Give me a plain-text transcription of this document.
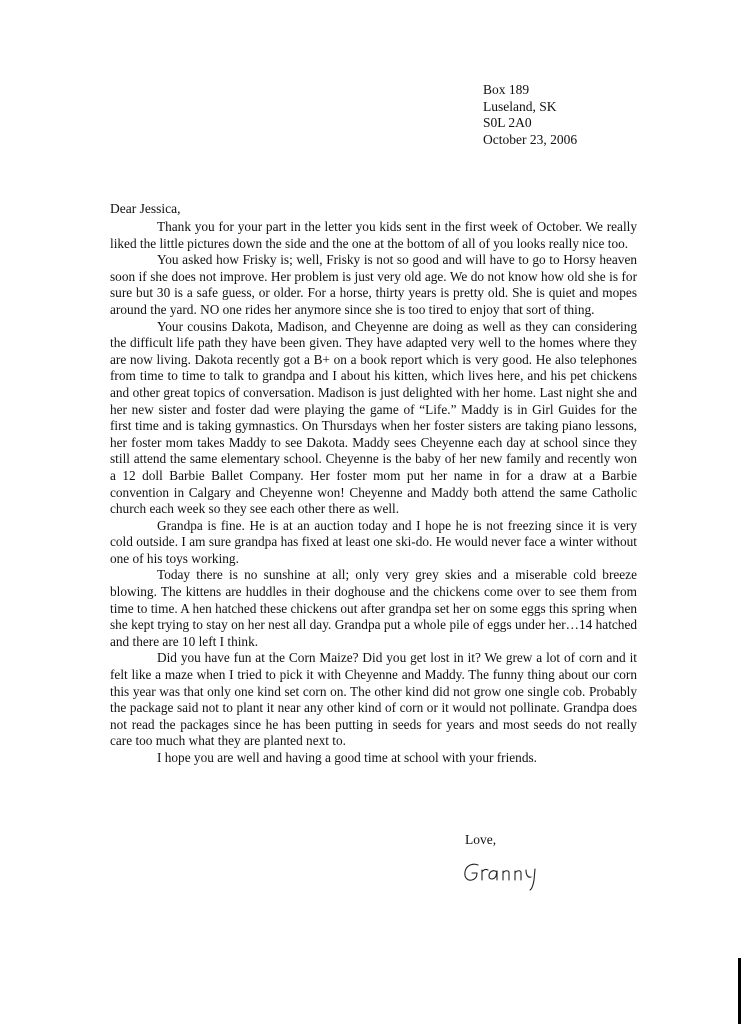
Box 189
Luseland, SK
S0L 2A0
October 23, 2006
Dear Jessica,

Thank you for your part in the letter you kids sent in the first week of October. We really liked the little pictures down the side and the one at the bottom of all of you looks really nice too.

You asked how Frisky is; well, Frisky is not so good and will have to go to Horsy heaven soon if she does not improve. Her problem is just very old age. We do not know how old she is for sure but 30 is a safe guess, or older. For a horse, thirty years is pretty old. She is quiet and mopes around the yard. NO one rides her anymore since she is too tired to enjoy that sort of thing.

Your cousins Dakota, Madison, and Cheyenne are doing as well as they can considering the difficult life path they have been given. They have adapted very well to the homes where they are now living. Dakota recently got a B+ on a book report which is very good. He also telephones from time to time to talk to grandpa and I about his kitten, which lives here, and his pet chickens and other great topics of conversation. Madison is just delighted with her home. Last night she and her new sister and foster dad were playing the game of “Life.” Maddy is in Girl Guides for the first time and is taking gymnastics. On Thursdays when her foster sisters are taking piano lessons, her foster mom takes Maddy to see Dakota. Maddy sees Cheyenne each day at school since they still attend the same elementary school. Cheyenne is the baby of her new family and recently won a 12 doll Barbie Ballet Company. Her foster mom put her name in for a draw at a Barbie convention in Calgary and Cheyenne won! Cheyenne and Maddy both attend the same Catholic church each week so they see each other there as well.

Grandpa is fine. He is at an auction today and I hope he is not freezing since it is very cold outside. I am sure grandpa has fixed at least one ski-do. He would never face a winter without one of his toys working.

Today there is no sunshine at all; only very grey skies and a miserable cold breeze blowing. The kittens are huddles in their doghouse and the chickens come over to see them from time to time. A hen hatched these chickens out after grandpa set her on some eggs this spring when she kept trying to stay on her nest all day. Grandpa put a whole pile of eggs under her…14 hatched and there are 10 left I think.

Did you have fun at the Corn Maize? Did you get lost in it? We grew a lot of corn and it felt like a maze when I tried to pick it with Cheyenne and Maddy. The funny thing about our corn this year was that only one kind set corn on. The other kind did not grow one single cob. Probably the package said not to plant it near any other kind of corn or it would not pollinate. Grandpa does not read the packages since he has been putting in seeds for years and most seeds do not really care too much what they are planted next to.

I hope you are well and having a good time at school with your friends.

Love,
